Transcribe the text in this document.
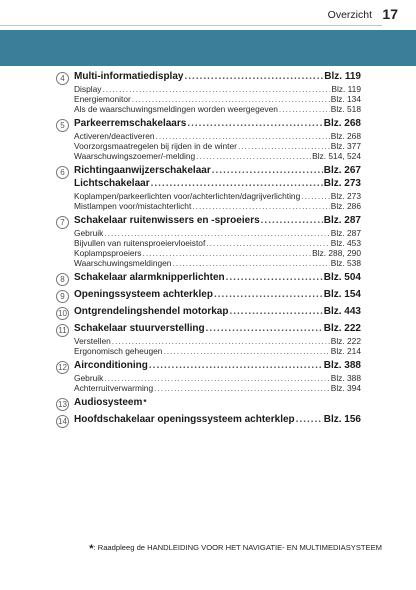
Overzicht 17
4 Multi-informatiedisplay .....	Blz. 119
Display .....	Blz. 119
Energiemonitor .....	Blz. 134
Als de waarschuwingsmeldingen worden weergegeven .....	Blz. 518
5 Parkeerremschakelaars .....	Blz. 268
Activeren/deactiveren .....	Blz. 268
Voorzorgsmaatregelen bij rijden in de winter .....	Blz. 377
Waarschuwingszoemer/-melding .....	Blz. 514, 524
6 Richtingaanwijzerschakelaar .....	Blz. 267
Lichtschakelaar .....	Blz. 273
Koplampen/parkeerlichten voor/achterlichten/dagrijverlichting .....	Blz. 273
Mistlampen voor/mistachterlicht .....	Blz. 286
7 Schakelaar ruitenwissers en -sproeiers .....	Blz. 287
Gebruik .....	Blz. 287
Bijvullen van ruitensproeiervloeistof .....	Blz. 453
Koplampsproeiers .....	Blz. 288, 290
Waarschuwingsmeldingen .....	Blz. 538
8 Schakelaar alarmknipperlichten .....	Blz. 504
9 Openingssysteem achterklep .....	Blz. 154
10 Ontgrendelingshendel motorkap .....	Blz. 443
11 Schakelaar stuurverstelling .....	Blz. 222
Verstellen .....	Blz. 222
Ergonomisch geheugen .....	Blz. 214
12 Airconditioning .....	Blz. 388
Gebruik .....	Blz. 388
Achterruitverwarming .....	Blz. 394
13 Audiosysteem *
14 Hoofdschakelaar openingssysteem achterklep .....	Blz. 156
*: Raadpleeg de HANDLEIDING VOOR HET NAVIGATIE- EN MULTIMEDIASYSTEEM
